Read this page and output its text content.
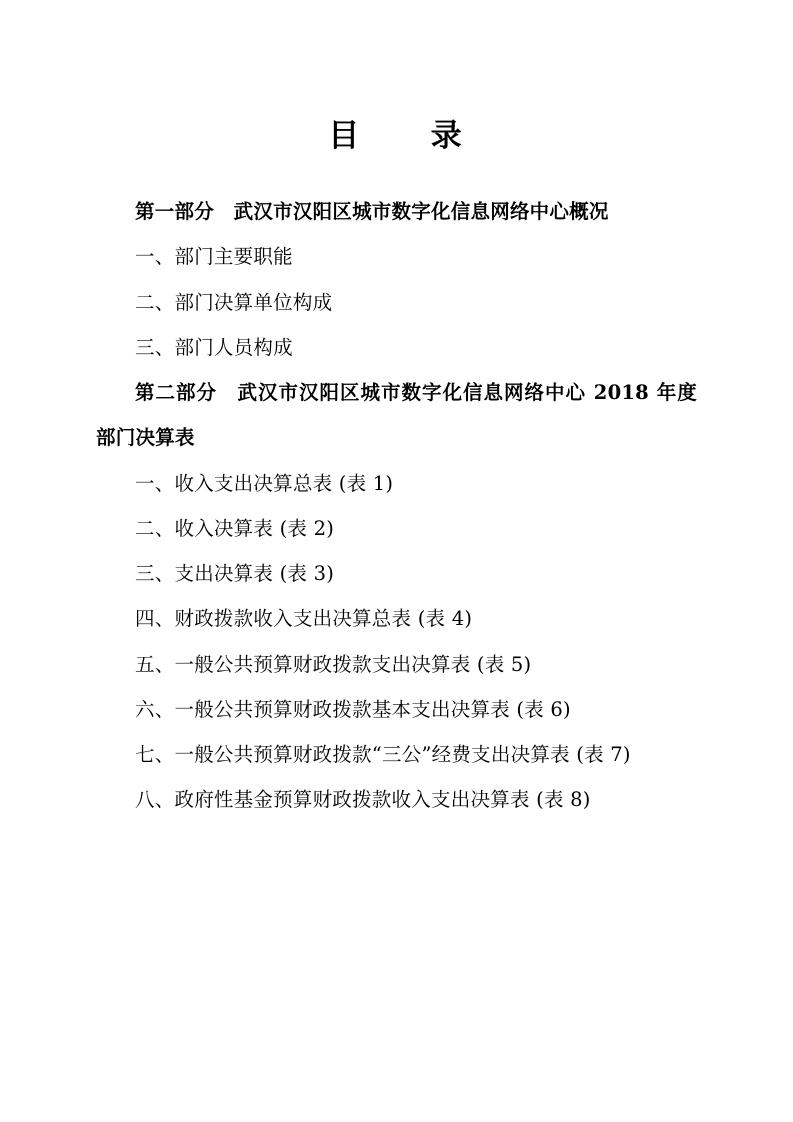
目　　录
第一部分　武汉市汉阳区城市数字化信息网络中心概况
一、部门主要职能
二、部门决算单位构成
三、部门人员构成
第二部分　武汉市汉阳区城市数字化信息网络中心 2018 年度部门决算表
一、收入支出决算总表 (表 1)
二、收入决算表 (表 2)
三、支出决算表 (表 3)
四、财政拨款收入支出决算总表 (表 4)
五、一般公共预算财政拨款支出决算表 (表 5)
六、一般公共预算财政拨款基本支出决算表 (表 6)
七、一般公共预算财政拨款“三公”经费支出决算表 (表 7)
八、政府性基金预算财政拨款收入支出决算表 (表 8)
